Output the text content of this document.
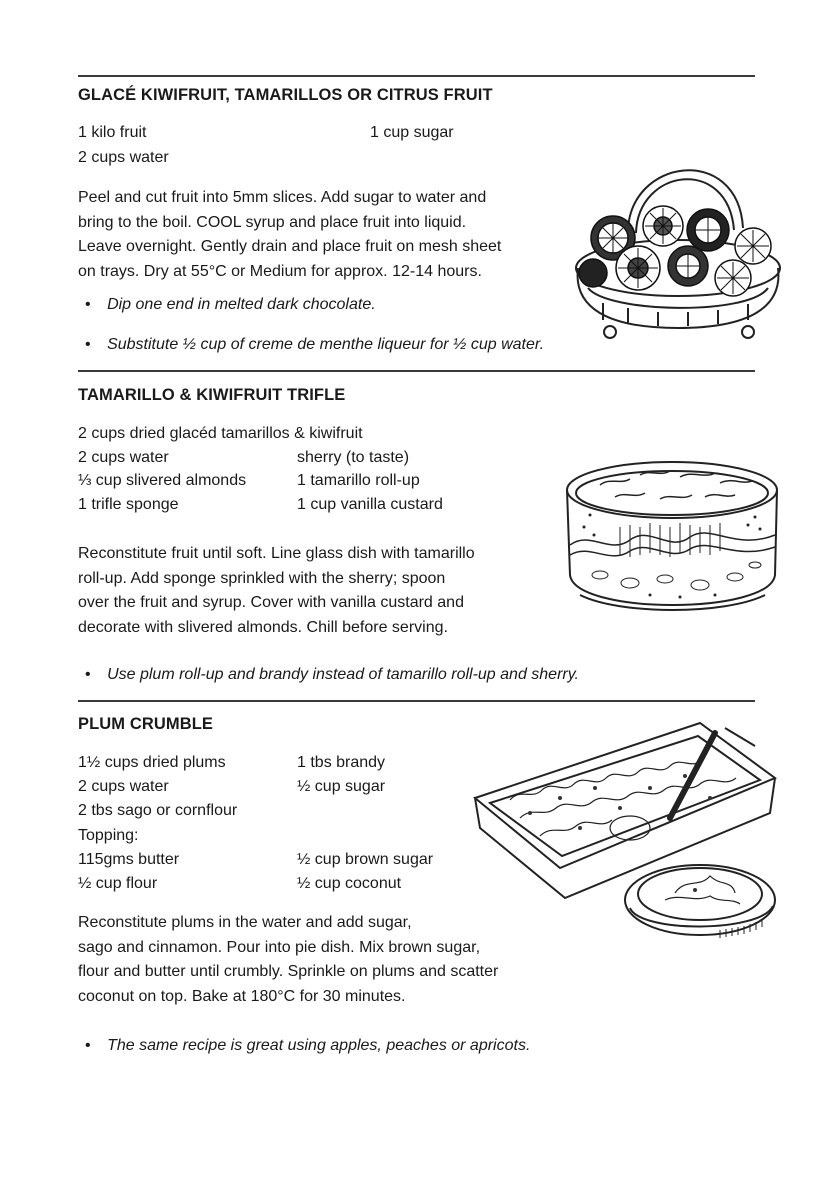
GLACÉ KIWIFRUIT, TAMARILLOS OR CITRUS FRUIT
1 kilo fruit	1 cup sugar
2 cups water
Peel and cut fruit into 5mm slices. Add sugar to water and
bring to the boil. COOL syrup and place fruit into liquid.
Leave overnight. Gently drain and place fruit on mesh sheet
on trays. Dry at 55°C or Medium for approx. 12-14 hours.
• Dip one end in melted dark chocolate.
• Substitute ½ cup of creme de menthe liqueur for ½ cup water.
TAMARILLO & KIWIFRUIT TRIFLE
2 cups dried glacéd tamarillos & kiwifruit
2 cups water	sherry (to taste)
⅓ cup slivered almonds	1 tamarillo roll-up
1 trifle sponge	1 cup vanilla custard
Reconstitute fruit until soft. Line glass dish with tamarillo
roll-up. Add sponge sprinkled with the sherry; spoon
over the fruit and syrup. Cover with vanilla custard and
decorate with slivered almonds. Chill before serving.
• Use plum roll-up and brandy instead of tamarillo roll-up and sherry.
PLUM CRUMBLE
1½ cups dried plums	1 tbs brandy
2 cups water	½ cup sugar
2 tbs sago or cornflour
Topping:
115gms butter	½ cup brown sugar
½ cup flour	½ cup coconut
Reconstitute plums in the water and add sugar,
sago and cinnamon. Pour into pie dish. Mix brown sugar,
flour and butter until crumbly. Sprinkle on plums and scatter
coconut on top. Bake at 180°C for 30 minutes.
• The same recipe is great using apples, peaches or apricots.
